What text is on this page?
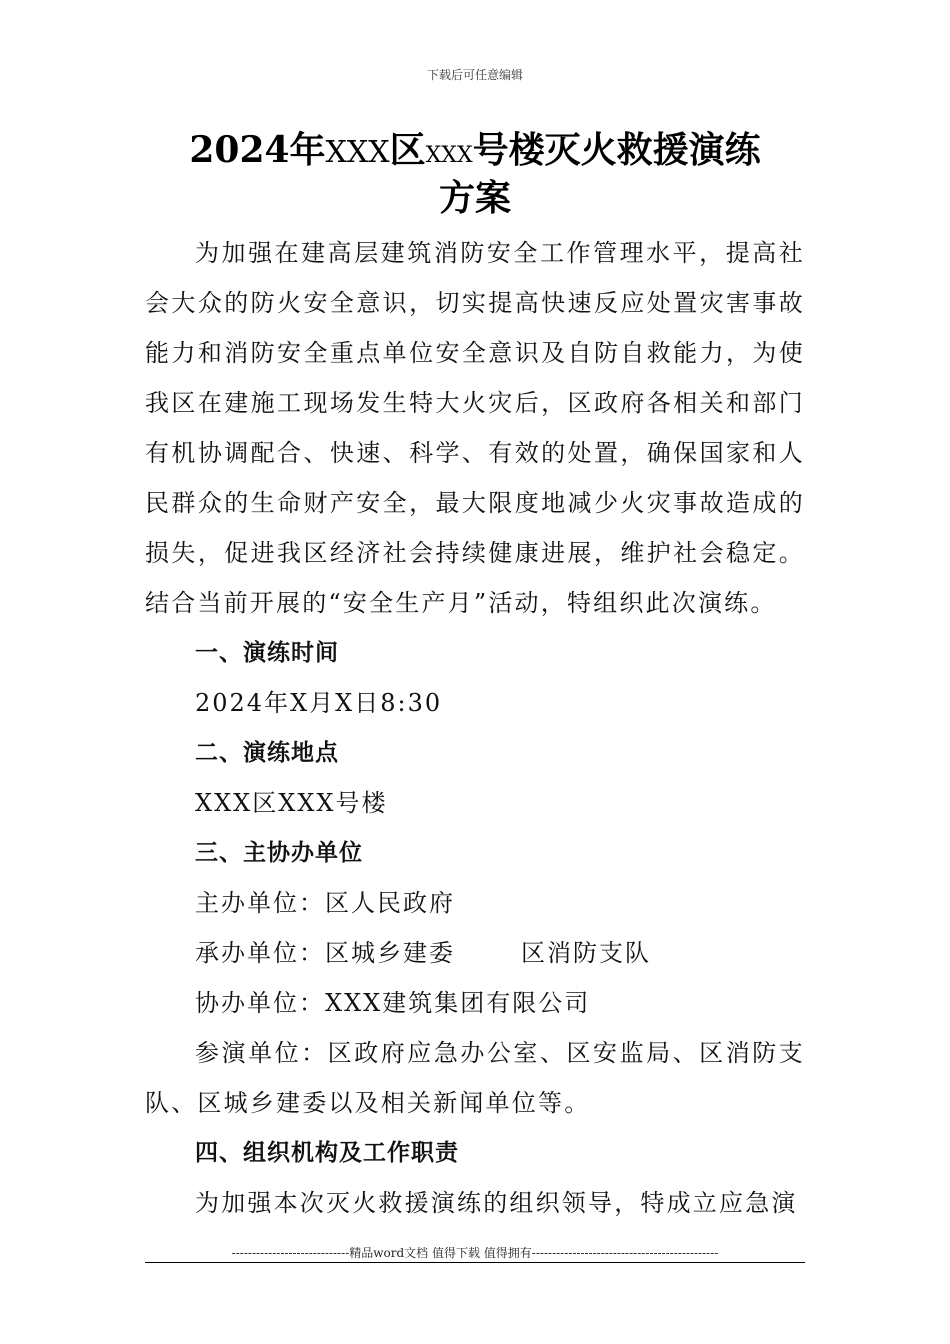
下载后可任意编辑
2024年XXX区XXX号楼灭火救援演练
方案

为加强在建高层建筑消防安全工作管理水平，提高社会大众的防火安全意识，切实提高快速反应处置灾害事故能力和消防安全重点单位安全意识及自防自救能力，为使我区在建施工现场发生特大火灾后，区政府各相关和部门有机协调配合、快速、科学、有效的处置，确保国家和人民群众的生命财产安全，最大限度地减少火灾事故造成的损失，促进我区经济社会持续健康进展，维护社会稳定。结合当前开展的“安全生产月”活动，特组织此次演练。

一、演练时间

2024年X月X日8:30

二、演练地点

XXX区XXX号楼

三、主协办单位

主办单位：区人民政府

承办单位：区城乡建委	区消防支队

协办单位：XXX建筑集团有限公司

参演单位：区政府应急办公室、区安监局、区消防支队、区城乡建委以及相关新闻单位等。

四、组织机构及工作职责

为加强本次灭火救援演练的组织领导，特成立应急演

-----------------------------精品word文档 值得下载 值得拥有----------------------------------------------
